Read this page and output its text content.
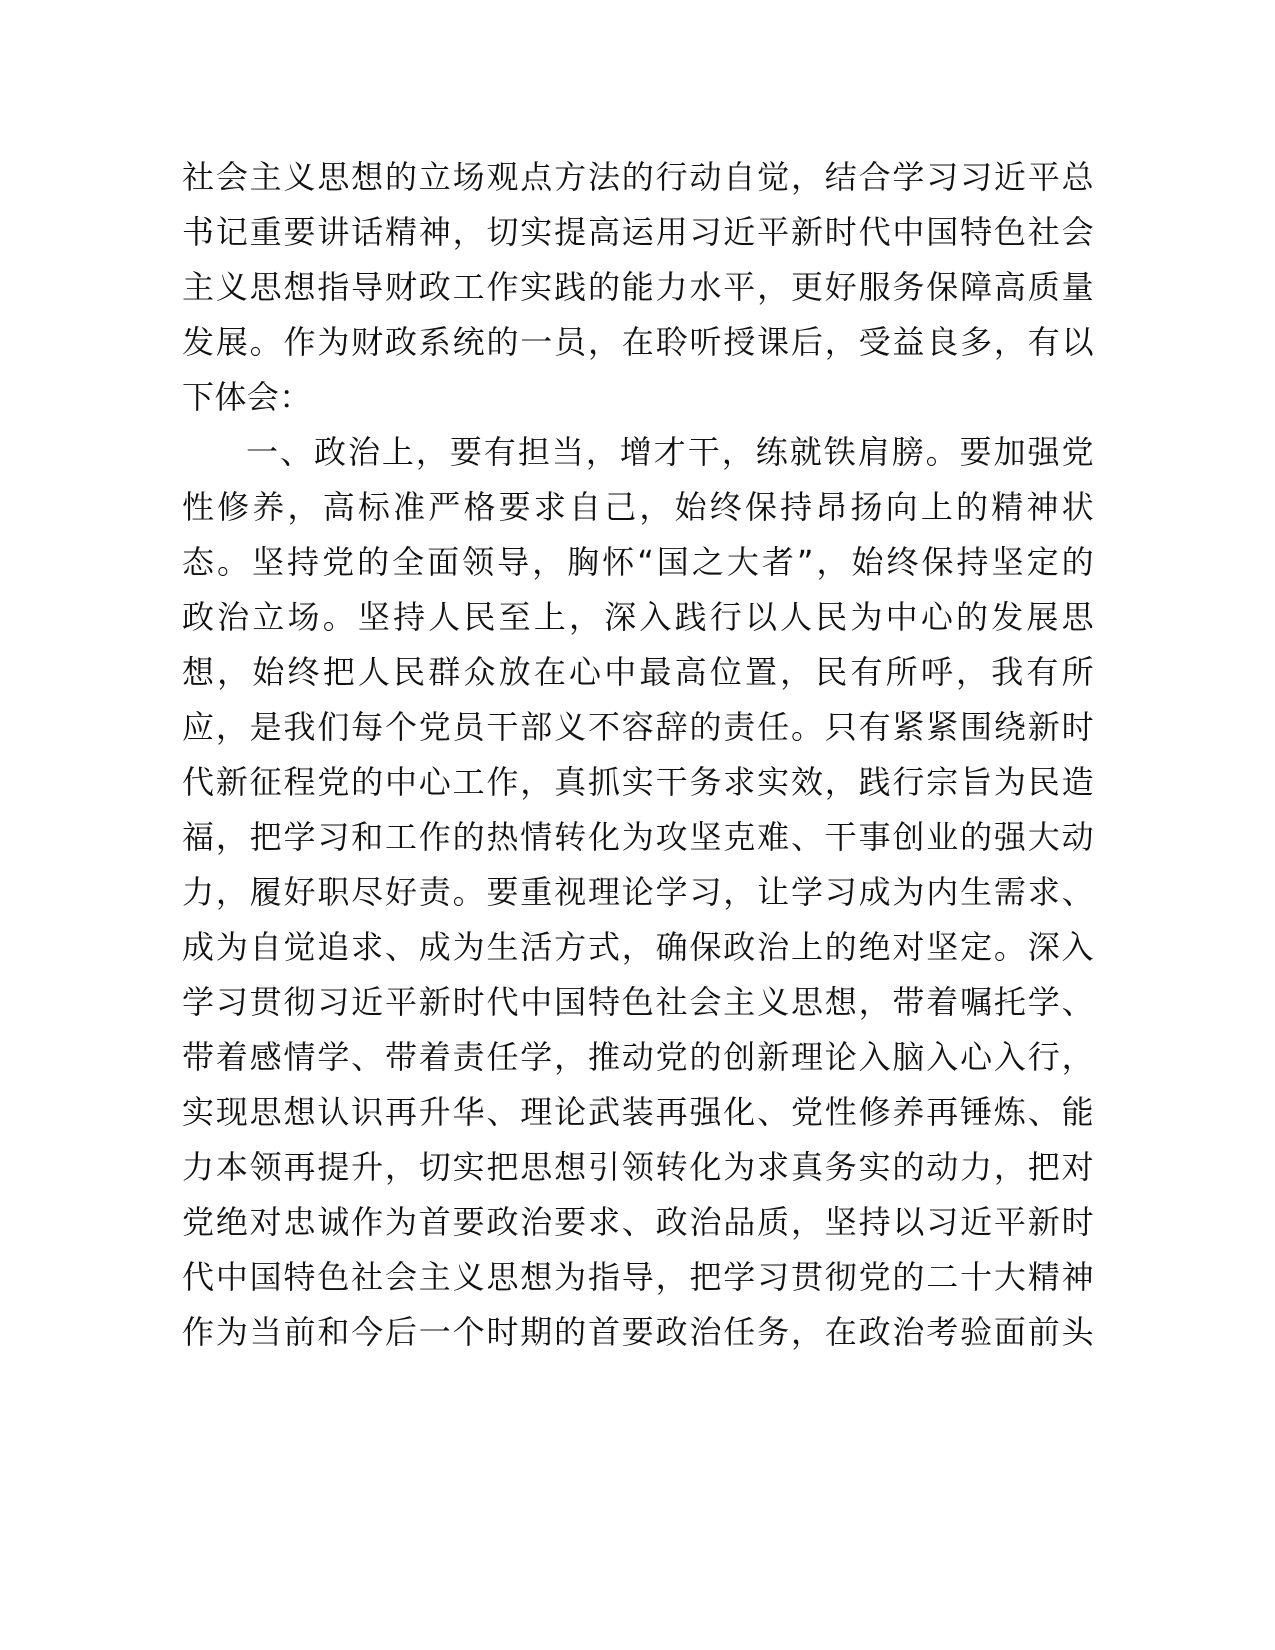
社会主义思想的立场观点方法的行动自觉，结合学习习近平总
书记重要讲话精神，切实提高运用习近平新时代中国特色社会
主义思想指导财政工作实践的能力水平，更好服务保障高质量
发展。作为财政系统的一员，在聆听授课后，受益良多，有以
下体会：
一、政治上，要有担当，增才干，练就铁肩膀。要加强党
性修养，高标准严格要求自己，始终保持昂扬向上的精神状
态。坚持党的全面领导，胸怀“国之大者”，始终保持坚定的
政治立场。坚持人民至上，深入践行以人民为中心的发展思
想，始终把人民群众放在心中最高位置，民有所呼，我有所
应，是我们每个党员干部义不容辞的责任。只有紧紧围绕新时
代新征程党的中心工作，真抓实干务求实效，践行宗旨为民造
福，把学习和工作的热情转化为攻坚克难、干事创业的强大动
力，履好职尽好责。要重视理论学习，让学习成为内生需求、
成为自觉追求、成为生活方式，确保政治上的绝对坚定。深入
学习贯彻习近平新时代中国特色社会主义思想，带着嘱托学、
带着感情学、带着责任学，推动党的创新理论入脑入心入行，
实现思想认识再升华、理论武装再强化、党性修养再锤炼、能
力本领再提升，切实把思想引领转化为求真务实的动力，把对
党绝对忠诚作为首要政治要求、政治品质，坚持以习近平新时
代中国特色社会主义思想为指导，把学习贯彻党的二十大精神
作为当前和今后一个时期的首要政治任务，在政治考验面前头
